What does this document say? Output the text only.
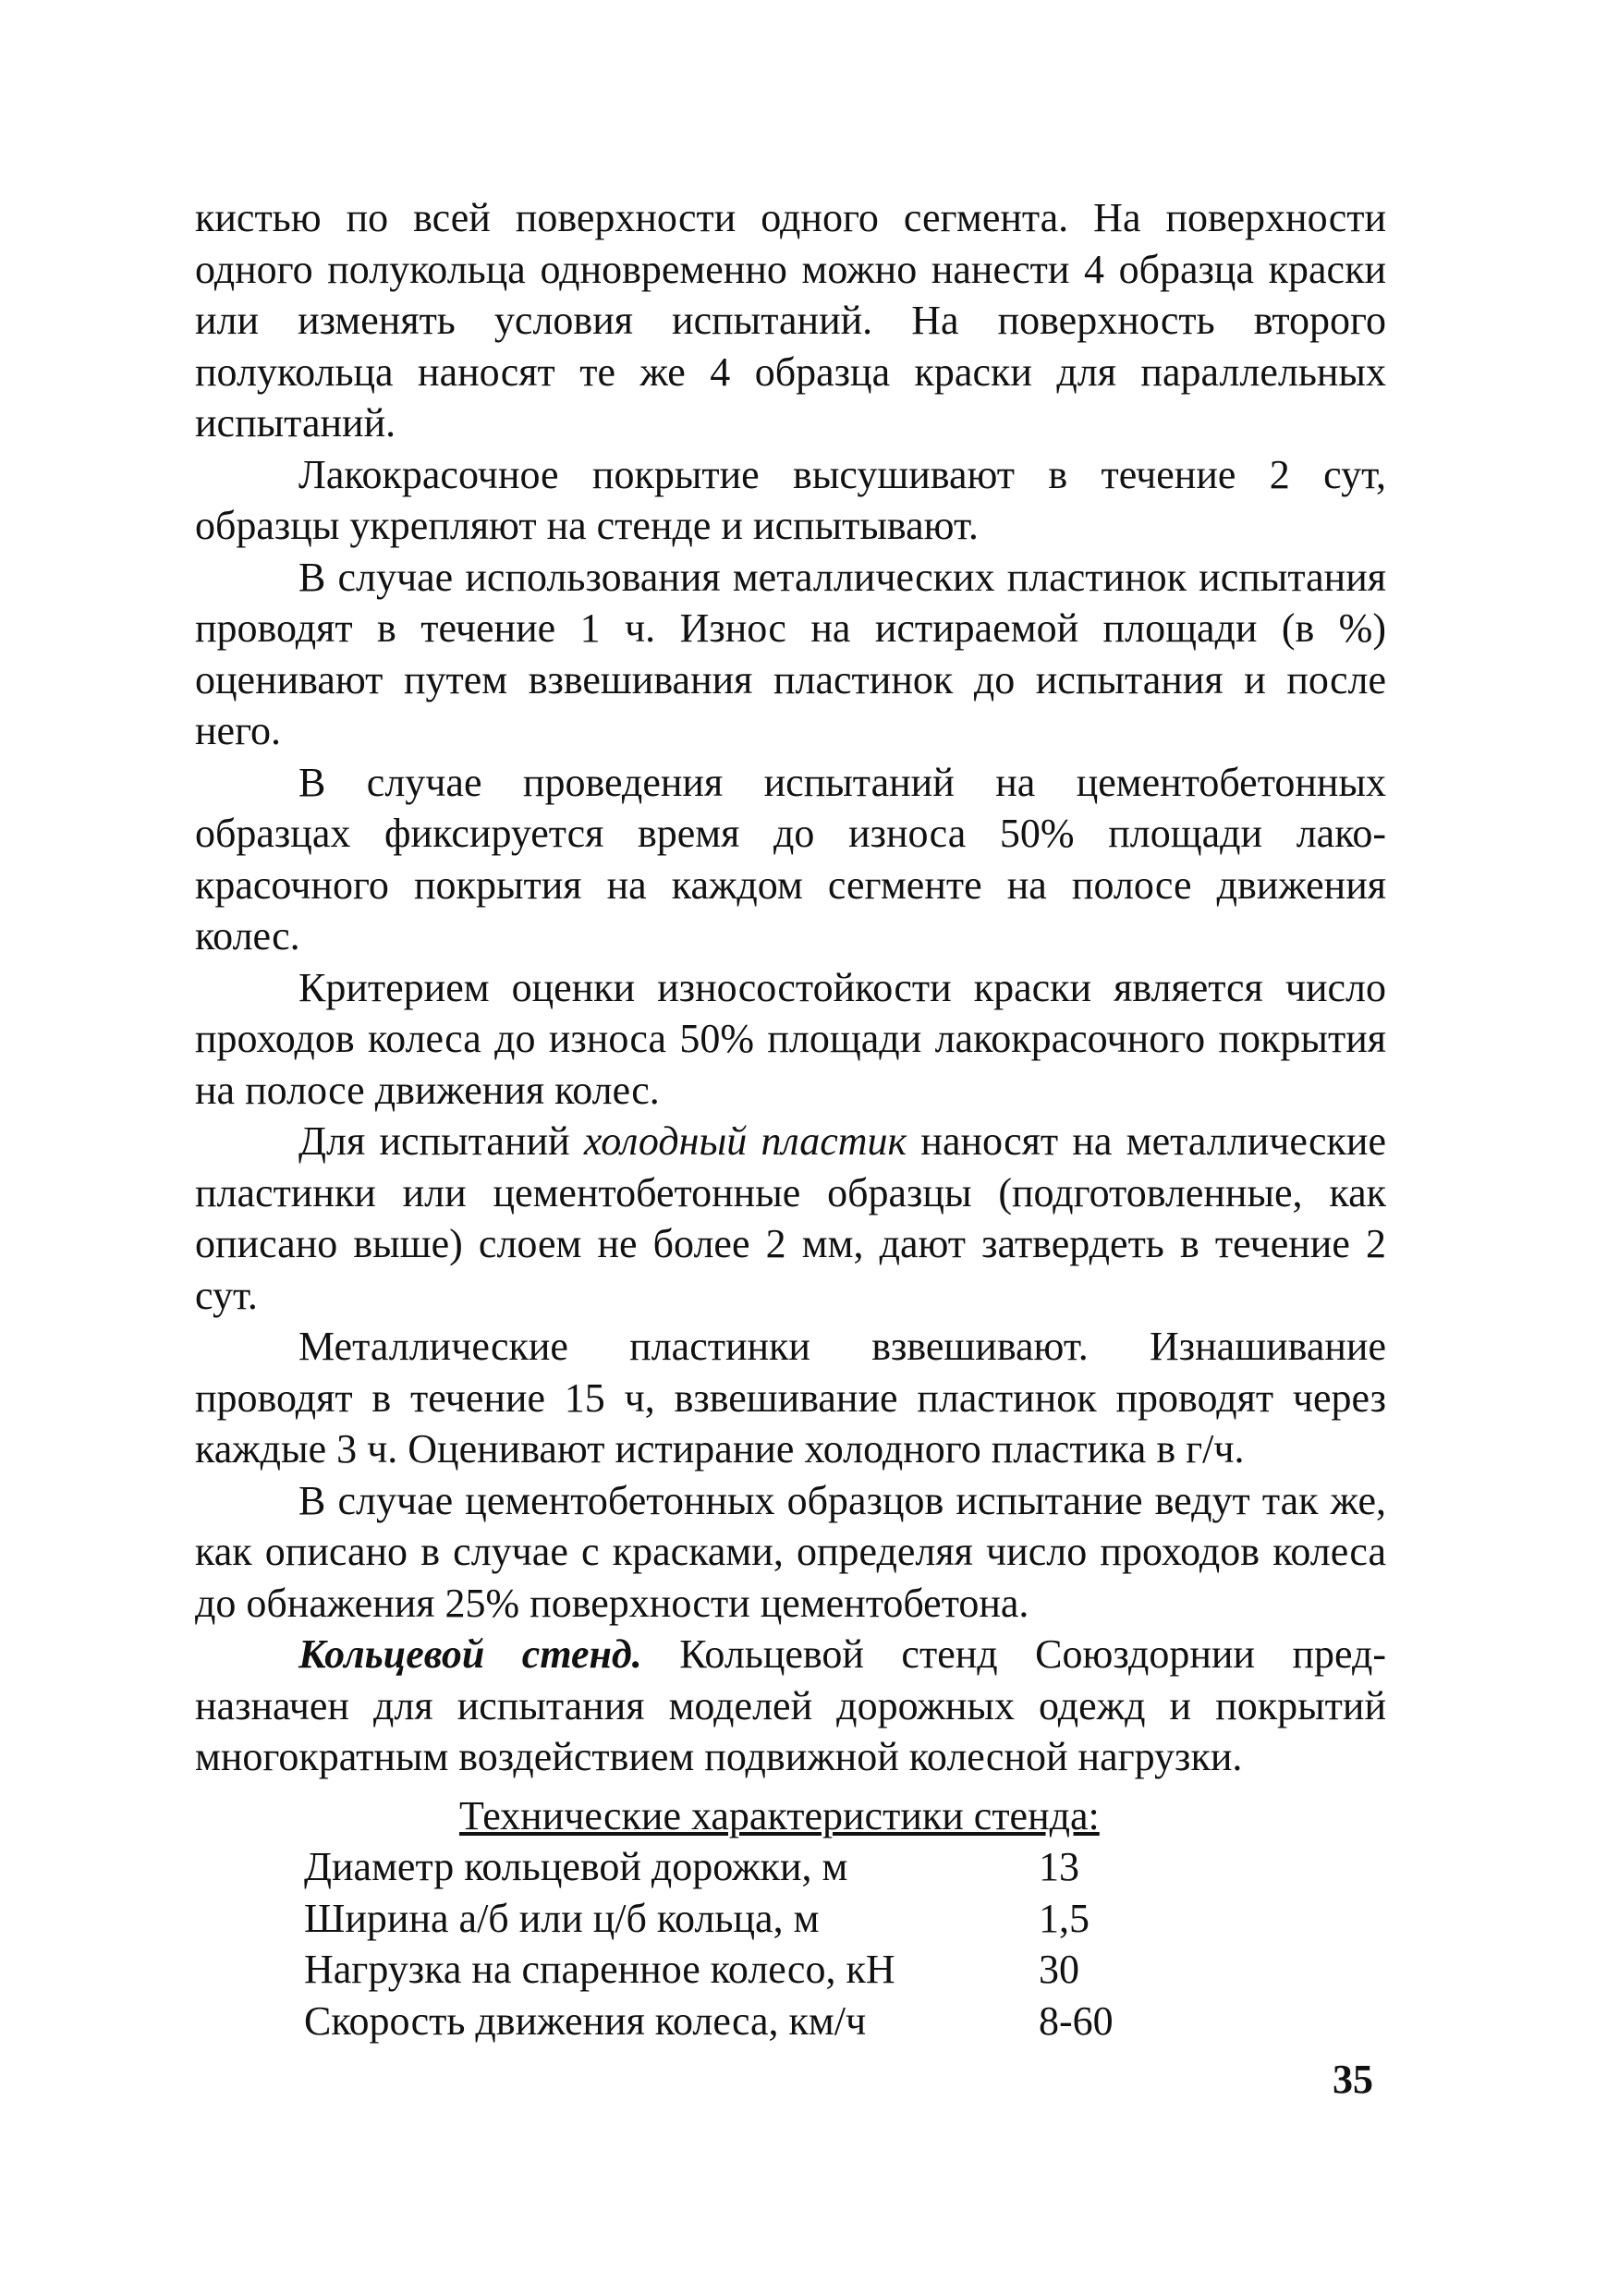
кистью по всей поверхности одного сегмента. На поверхности одного полукольца одновременно можно нанести 4 образца краски или изменять условия испытаний. На поверхность второго полукольца наносят те же 4 образца краски для параллельных испытаний.

Лакокрасочное покрытие высушивают в течение 2 сут, образцы укрепляют на стенде и испытывают.

В случае использования металлических пластинок испытания проводят в течение 1 ч. Износ на истираемой площади (в %) оценивают путем взвешивания пластинок до испытания и после него.

В случае проведения испытаний на цементобетонных образцах фиксируется время до износа 50% площади лакокрасочного покрытия на каждом сегменте на полосе движения колес.

Критерием оценки износостойкости краски является число проходов колеса до износа 50% площади лакокрасочного покрытия на полосе движения колес.

Для испытаний холодный пластик наносят на металлические пластинки или цементобетонные образцы (подготовленные, как описано выше) слоем не более 2 мм, дают затвердеть в течение 2 сут.

Металлические пластинки взвешивают. Изнашивание проводят в течение 15 ч, взвешивание пластинок проводят через каждые 3 ч. Оценивают истирание холодного пластика в г/ч.

В случае цементобетонных образцов испытание ведут так же, как описано в случае с красками, определяя число проходов колеса до обнажения 25% поверхности цементобетона.

Кольцевой стенд. Кольцевой стенд Союздорнии предназначен для испытания моделей дорожных одежд и покрытий многократным воздействием подвижной колесной нагрузки.

Технические характеристики стенда:

Диаметр кольцевой дорожки, м	13
Ширина а/б или ц/б кольца, м	1,5
Нагрузка на спаренное колесо, кН	30
Скорость движения колеса, км/ч	8-60
35
